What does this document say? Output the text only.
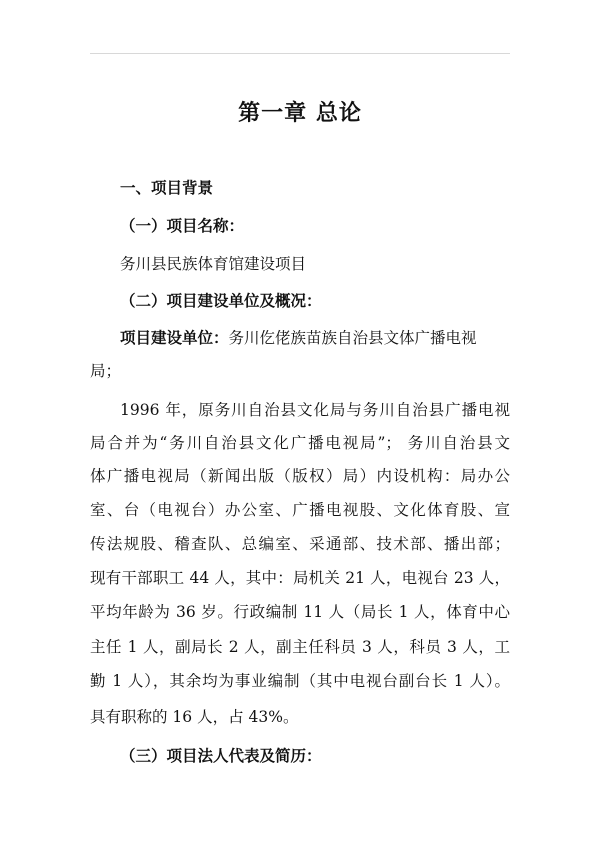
第一章 总论
一、项目背景
（一）项目名称：
务川县民族体育馆建设项目
（二）项目建设单位及概况：
项目建设单位：务川仡佬族苗族自治县文体广播电视
局；
1996 年，原务川自治县文化局与务川自治县广播电视
局合并为“务川自治县文化广播电视局”； 务川自治县文
体广播电视局（新闻出版（版权）局）内设机构：局办公
室、台（电视台）办公室、广播电视股、文化体育股、宣
传法规股、稽查队、总编室、采通部、技术部、播出部；
现有干部职工 44 人，其中：局机关 21 人，电视台 23 人，
平均年龄为 36 岁。行政编制 11 人（局长 1 人，体育中心
主任 1 人，副局长 2 人，副主任科员 3 人，科员 3 人，工
勤 1 人），其余均为事业编制（其中电视台副台长 1 人）。
具有职称的 16 人，占 43%。
（三）项目法人代表及简历：
